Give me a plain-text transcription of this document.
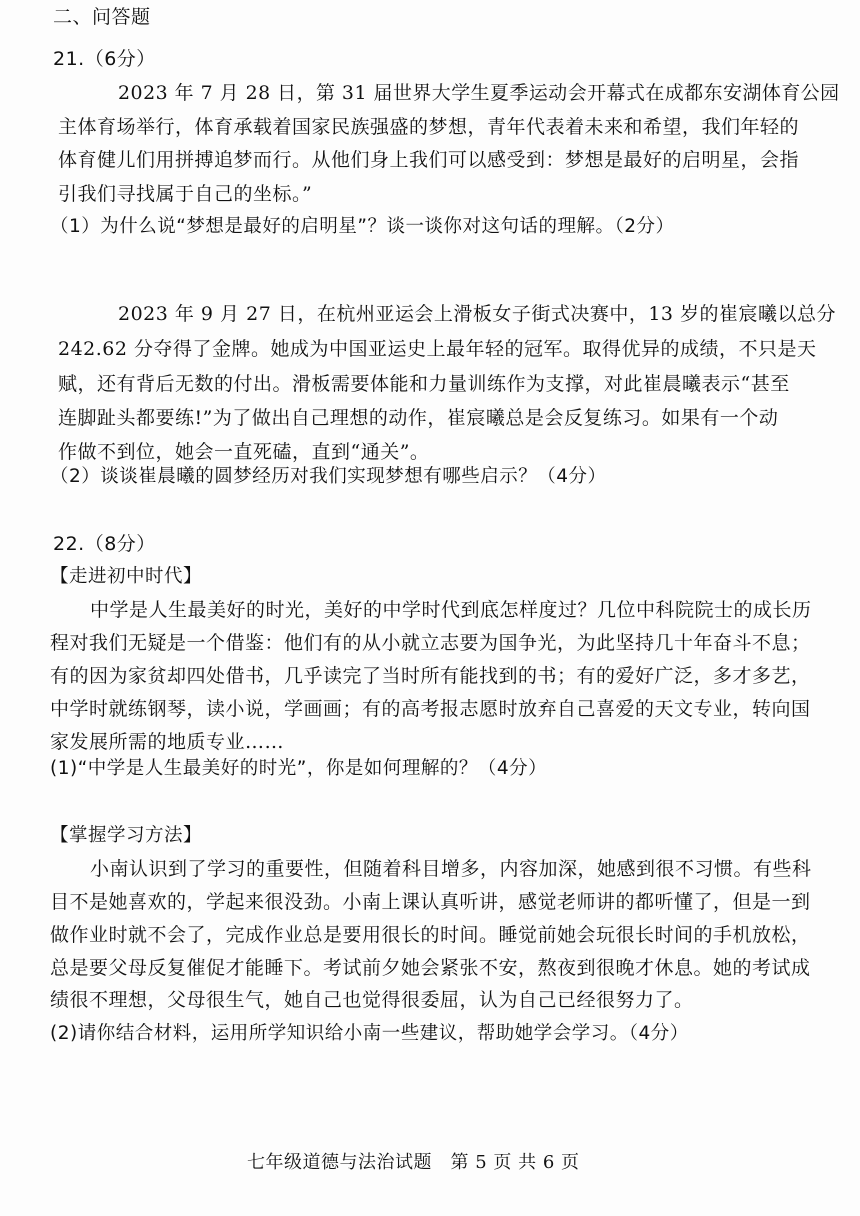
二、问答题
21.（6分）
2023 年 7 月 28 日，第 31 届世界大学生夏季运动会开幕式在成都东安湖体育公园
主体育场举行，体育承载着国家民族强盛的梦想，青年代表着未来和希望，我们年轻的
体育健儿们用拼搏追梦而行。从他们身上我们可以感受到：梦想是最好的启明星，会指
引我们寻找属于自己的坐标。”
（1）为什么说“梦想是最好的启明星”？谈一谈你对这句话的理解。（2分）
2023 年 9 月 27 日，在杭州亚运会上滑板女子街式决赛中，13 岁的崔宸曦以总分
242.62 分夺得了金牌。她成为中国亚运史上最年轻的冠军。取得优异的成绩，不只是天
赋，还有背后无数的付出。滑板需要体能和力量训练作为支撑，对此崔晨曦表示“甚至
连脚趾头都要练!”为了做出自己理想的动作，崔宸曦总是会反复练习。如果有一个动
作做不到位，她会一直死磕，直到“通关”。
（2）谈谈崔晨曦的圆梦经历对我们实现梦想有哪些启示？（4分）
22.（8分）
【走进初中时代】
中学是人生最美好的时光，美好的中学时代到底怎样度过？几位中科院院士的成长历
程对我们无疑是一个借鉴：他们有的从小就立志要为国争光，为此坚持几十年奋斗不息；
有的因为家贫却四处借书，几乎读完了当时所有能找到的书；有的爱好广泛，多才多艺，
中学时就练钢琴，读小说，学画画；有的高考报志愿时放弃自己喜爱的天文专业，转向国
家发展所需的地质专业……
(1)“中学是人生最美好的时光”，你是如何理解的？（4分）
【掌握学习方法】
小南认识到了学习的重要性，但随着科目增多，内容加深，她感到很不习惯。有些科
目不是她喜欢的，学起来很没劲。小南上课认真听讲，感觉老师讲的都听懂了，但是一到
做作业时就不会了，完成作业总是要用很长的时间。睡觉前她会玩很长时间的手机放松，
总是要父母反复催促才能睡下。考试前夕她会紧张不安，熬夜到很晚才休息。她的考试成
绩很不理想，父母很生气，她自己也觉得很委屈，认为自己已经很努力了。
(2)请你结合材料，运用所学知识给小南一些建议，帮助她学会学习。（4分）
七年级道德与法治试题　第 5 页 共 6 页
